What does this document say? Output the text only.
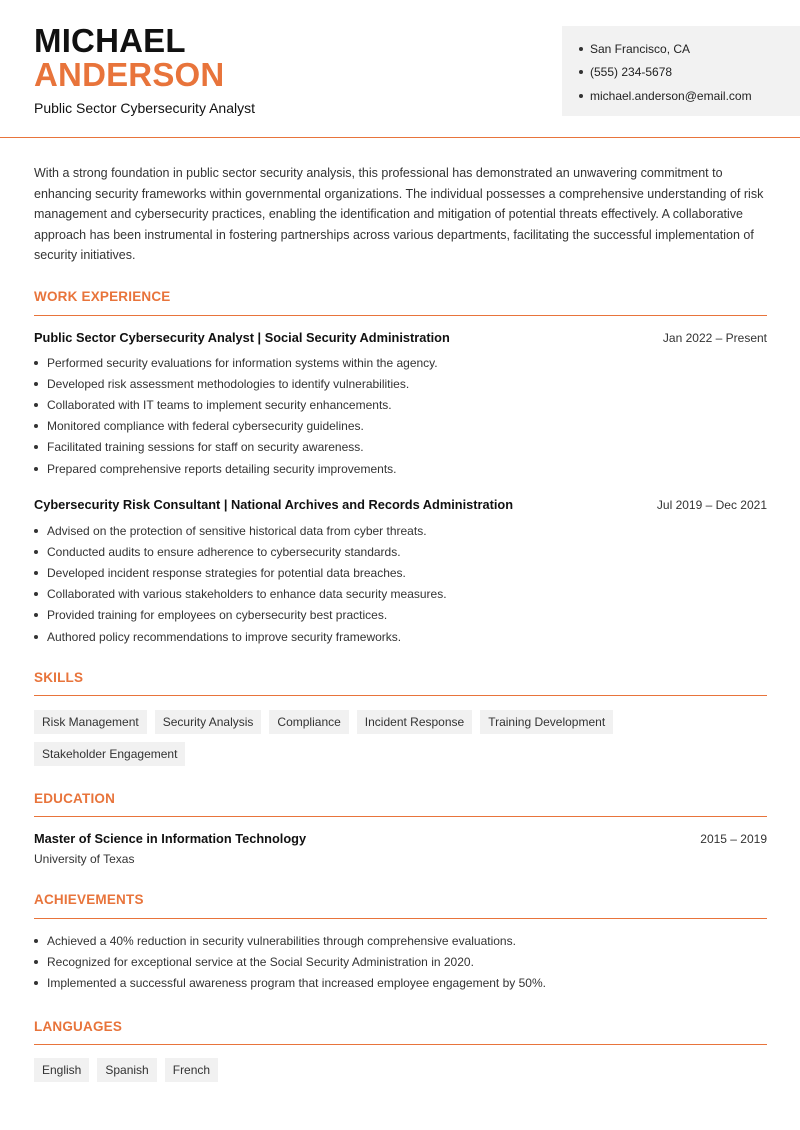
MICHAEL
ANDERSON
Public Sector Cybersecurity Analyst
San Francisco, CA
(555) 234-5678
michael.anderson@email.com
With a strong foundation in public sector security analysis, this professional has demonstrated an unwavering commitment to enhancing security frameworks within governmental organizations. The individual possesses a comprehensive understanding of risk management and cybersecurity practices, enabling the identification and mitigation of potential threats effectively. A collaborative approach has been instrumental in fostering partnerships across various departments, facilitating the successful implementation of security initiatives.
WORK EXPERIENCE
Public Sector Cybersecurity Analyst | Social Security Administration	Jan 2022 – Present
Performed security evaluations for information systems within the agency.
Developed risk assessment methodologies to identify vulnerabilities.
Collaborated with IT teams to implement security enhancements.
Monitored compliance with federal cybersecurity guidelines.
Facilitated training sessions for staff on security awareness.
Prepared comprehensive reports detailing security improvements.
Cybersecurity Risk Consultant | National Archives and Records Administration	Jul 2019 – Dec 2021
Advised on the protection of sensitive historical data from cyber threats.
Conducted audits to ensure adherence to cybersecurity standards.
Developed incident response strategies for potential data breaches.
Collaborated with various stakeholders to enhance data security measures.
Provided training for employees on cybersecurity best practices.
Authored policy recommendations to improve security frameworks.
SKILLS
Risk Management	Security Analysis	Compliance	Incident Response	Training Development
Stakeholder Engagement
EDUCATION
Master of Science in Information Technology	2015 – 2019
University of Texas
ACHIEVEMENTS
Achieved a 40% reduction in security vulnerabilities through comprehensive evaluations.
Recognized for exceptional service at the Social Security Administration in 2020.
Implemented a successful awareness program that increased employee engagement by 50%.
LANGUAGES
English	Spanish	French
